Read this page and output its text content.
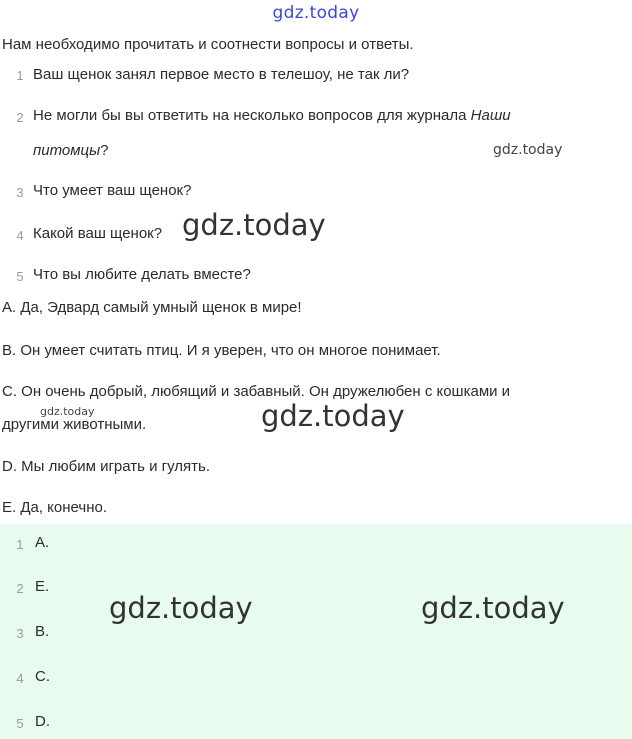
gdz.today
Нам необходимо прочитать и соотнести вопросы и ответы.
1 Ваш щенок занял первое место в телешоу, не так ли?
2 Не могли бы вы ответить на несколько вопросов для журнала Наши
питомцы?
3 Что умеет ваш щенок?
4 Какой ваш щенок?
5 Что вы любите делать вместе?
A. Да, Эдвард самый умный щенок в мире!
B. Он умеет считать птиц. И я уверен, что он многое понимает.
C. Он очень добрый, любящий и забавный. Он дружелюбен с кошками и
другими животными.
D. Мы любим играть и гулять.
E. Да, конечно.
1 A.
2 E.
3 B.
4 C.
5 D.
gdz.today
gdz.today
gdz.today	gdz.today
gdz.today	gdz.today
